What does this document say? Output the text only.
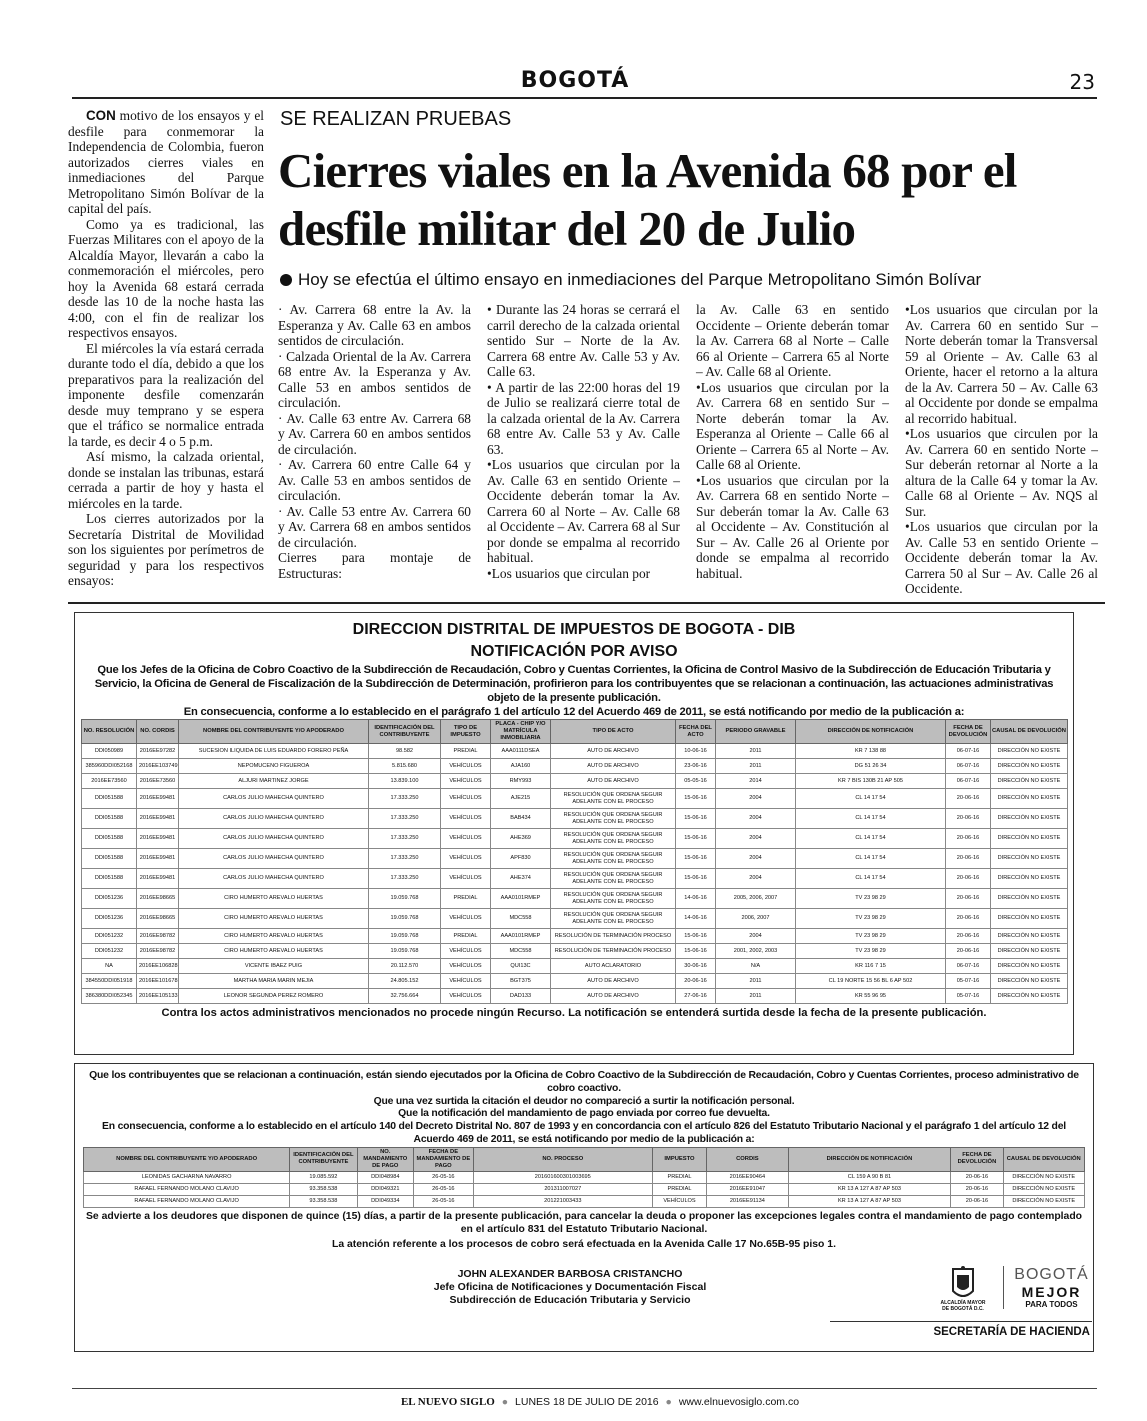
BOGOTÁ	23

CON motivo de los ensayos y el desfile para conmemorar la Independencia de Colombia, fueron autorizados cierres viales en inmediaciones del Parque Metropolitano Simón Bolívar de la capital del país.

Como ya es tradicional, las Fuerzas Militares con el apoyo de la Alcaldía Mayor, llevarán a cabo la conmemoración el miércoles, pero hoy la Avenida 68 estará cerrada desde las 10 de la noche hasta las 4:00, con el fin de realizar los respectivos ensayos.

El miércoles la vía estará cerrada durante todo el día, debido a que los preparativos para la realización del imponente desfile comenzarán desde muy temprano y se espera que el tráfico se normalice entrada la tarde, es decir 4 o 5 p.m.

Así mismo, la calzada oriental, donde se instalan las tribunas, estará cerrada a partir de hoy y hasta el miércoles en la tarde.

Los cierres autorizados por la Secretaría Distrital de Movilidad son los siguientes por perímetros de seguridad y para los respectivos ensayos:

SE REALIZAN PRUEBAS
Cierres viales en la Avenida 68 por el desfile militar del 20 de Julio
Hoy se efectúa el último ensayo en inmediaciones del Parque Metropolitano Simón Bolívar

· Av. Carrera 68 entre la Av. la Esperanza y Av. Calle 63 en ambos sentidos de circulación.

· Calzada Oriental de la Av. Carrera 68 entre Av. la Esperanza y Av. Calle 53 en ambos sentidos de circulación.

· Av. Calle 63 entre Av. Carrera 68 y Av. Carrera 60 en ambos sentidos de circulación.

· Av. Carrera 60 entre Calle 64 y Av. Calle 53 en ambos sentidos de circulación.

· Av. Calle 53 entre Av. Carrera 60 y Av. Carrera 68 en ambos sentidos de circulación.

Cierres para montaje de Estructuras:

• Durante las 24 horas se cerrará el carril derecho de la calzada oriental sentido Sur – Norte de la Av. Carrera 68 entre Av. Calle 53 y Av. Calle 63.

• A partir de las 22:00 horas del 19 de Julio se realizará cierre total de la calzada oriental de la Av. Carrera 68 entre Av. Calle 53 y Av. Calle 63.

•Los usuarios que circulan por la Av. Calle 63 en sentido Oriente – Occidente deberán tomar la Av. Carrera 60 al Norte – Av. Calle 68 al Occidente – Av. Carrera 68 al Sur por donde se empalma al recorrido habitual.

•Los usuarios que circulan por

la Av. Calle 63 en sentido Occidente – Oriente deberán tomar la Av. Carrera 68 al Norte – Calle 66 al Oriente – Carrera 65 al Norte – Av. Calle 68 al Oriente.

•Los usuarios que circulan por la Av. Carrera 68 en sentido Sur – Norte deberán tomar la Av. Esperanza al Oriente – Calle 66 al Oriente – Carrera 65 al Norte – Av. Calle 68 al Oriente.

•Los usuarios que circulan por la Av. Carrera 68 en sentido Norte – Sur deberán tomar la Av. Calle 63 al Occidente – Av. Constitución al Sur – Av. Calle 26 al Oriente por donde se empalma al recorrido habitual.

•Los usuarios que circulan por la Av. Carrera 60 en sentido Sur – Norte deberán tomar la Transversal 59 al Oriente – Av. Calle 63 al Oriente, hacer el retorno a la altura de la Av. Carrera 50 – Av. Calle 63 al Occidente por donde se empalma al recorrido habitual.

•Los usuarios que circulen por la Av. Carrera 60 en sentido Norte – Sur deberán retornar al Norte a la altura de la Calle 64 y tomar la Av. Calle 68 al Oriente – Av. NQS al Sur.

•Los usuarios que circulan por la Av. Calle 53 en sentido Oriente – Occidente deberán tomar la Av. Carrera 50 al Sur – Av. Calle 26 al Occidente.

DIRECCION DISTRITAL DE IMPUESTOS DE BOGOTA - DIB
NOTIFICACIÓN POR AVISO
Que los Jefes de la Oficina de Cobro Coactivo de la Subdirección de Recaudación, Cobro y Cuentas Corrientes, la Oficina de Control Masivo de la Subdirección de Educación Tributaria y Servicio, la Oficina de General de Fiscalización de la Subdirección de Determinación, profirieron para los contribuyentes que se relacionan a continuación, las actuaciones administrativas objeto de la presente publicación.
En consecuencia, conforme a lo establecido en el parágrafo 1 del artículo 12 del Acuerdo 469 de 2011, se está notificando por medio de la publicación a:
NO. RESOLUCIÓN	NO. CORDIS	NOMBRE DEL CONTRIBUYENTE Y/O APODERADO	IDENTIFICACIÓN DEL CONTRIBUYENTE	TIPO DE IMPUESTO	PLACA - CHIP Y/O MATRÍCULA INMOBILIARIA	TIPO DE ACTO	FECHA DEL ACTO	PERIODO GRAVABLE	DIRECCIÓN DE NOTIFICACIÓN	FECHA DE DEVOLUCIÓN	CAUSAL DE DEVOLUCIÓN
DDI050989	2016EE97282	SUCESION ILIQUIDA DE LUIS EDUARDO FORERO PEÑA	98.582	PREDIAL	AAA0111DSEA	AUTO DE ARCHIVO	10-06-16	2011	KR 7 138 88	06-07-16	DIRECCIÓN NO EXISTE
385960DDI052168	2016EE103749	NEPOMUCENO FIGUEROA	5.815.680	VEHÍCULOS	AJA160	AUTO DE ARCHIVO	23-06-16	2011	DG 51 26 34	06-07-16	DIRECCIÓN NO EXISTE
2016EE73560	2016EE73560	ALJURI MARTINEZ JORGE	13.839.100	VEHÍCULOS	RMY993	AUTO DE ARCHIVO	05-05-16	2014	KR 7 BIS 130B 21 AP 505	06-07-16	DIRECCIÓN NO EXISTE
DDI051588	2016EE99481	CARLOS JULIO MAHECHA QUINTERO	17.333.250	VEHÍCULOS	AJE215	RESOLUCIÓN QUE ORDENA SEGUIR ADELANTE CON EL PROCESO	15-06-16	2004	CL 14 17 54	20-06-16	DIRECCIÓN NO EXISTE
DDI051588	2016EE99481	CARLOS JULIO MAHECHA QUINTERO	17.333.250	VEHÍCULOS	BAB434	RESOLUCIÓN QUE ORDENA SEGUIR ADELANTE CON EL PROCESO	15-06-16	2004	CL 14 17 54	20-06-16	DIRECCIÓN NO EXISTE
DDI051588	2016EE99481	CARLOS JULIO MAHECHA QUINTERO	17.333.250	VEHÍCULOS	AHE369	RESOLUCIÓN QUE ORDENA SEGUIR ADELANTE CON EL PROCESO	15-06-16	2004	CL 14 17 54	20-06-16	DIRECCIÓN NO EXISTE
DDI051588	2016EE99481	CARLOS JULIO MAHECHA QUINTERO	17.333.250	VEHÍCULOS	APF830	RESOLUCIÓN QUE ORDENA SEGUIR ADELANTE CON EL PROCESO	15-06-16	2004	CL 14 17 54	20-06-16	DIRECCIÓN NO EXISTE
DDI051588	2016EE99481	CARLOS JULIO MAHECHA QUINTERO	17.333.250	VEHÍCULOS	AHE374	RESOLUCIÓN QUE ORDENA SEGUIR ADELANTE CON EL PROCESO	15-06-16	2004	CL 14 17 54	20-06-16	DIRECCIÓN NO EXISTE
DDI051236	2016EE98665	CIRO HUMERTO AREVALO HUERTAS	19.059.768	PREDIAL	AAA0101RMEP	RESOLUCIÓN QUE ORDENA SEGUIR ADELANTE CON EL PROCESO	14-06-16	2005, 2006, 2007	TV 23 98 29	20-06-16	DIRECCIÓN NO EXISTE
DDI051236	2016EE98665	CIRO HUMERTO AREVALO HUERTAS	19.059.768	VEHÍCULOS	MDC558	RESOLUCIÓN QUE ORDENA SEGUIR ADELANTE CON EL PROCESO	14-06-16	2006, 2007	TV 23 98 29	20-06-16	DIRECCIÓN NO EXISTE
DDI051232	2016EE98782	CIRO HUMERTO AREVALO HUERTAS	19.059.768	PREDIAL	AAA0101RMEP	RESOLUCIÓN DE TERMINACIÓN PROCESO	15-06-16	2004	TV 23 98 29	20-06-16	DIRECCIÓN NO EXISTE
DDI051232	2016EE98782	CIRO HUMERTO AREVALO HUERTAS	19.059.768	VEHÍCULOS	MDC558	RESOLUCIÓN DE TERMINACIÓN PROCESO	15-06-16	2001, 2002, 2003	TV 23 98 29	20-06-16	DIRECCIÓN NO EXISTE
NA	2016EE106828	VICENTE IBAEZ PUIG	20.112.570	VEHÍCULOS	QUI13C	AUTO ACLARATORIO	30-06-16	N/A	KR 116 7 15	06-07-16	DIRECCIÓN NO EXISTE
384550DDI051918	2016EE101678	MARTHA MARIA MARIN MEJIA	24.805.152	VEHÍCULOS	BGT375	AUTO DE ARCHIVO	20-06-16	2011	CL 19 NORTE 15 56 BL 6 AP 502	05-07-16	DIRECCIÓN NO EXISTE
386380DDI052345	2016EE105133	LEONOR SEGUNDA PEREZ ROMERO	32.756.664	VEHÍCULOS	DAD133	AUTO DE ARCHIVO	27-06-16	2011	KR 55 96 95	05-07-16	DIRECCIÓN NO EXISTE
Contra los actos administrativos mencionados no procede ningún Recurso. La notificación se entenderá surtida desde la fecha de la presente publicación.
Que los contribuyentes que se relacionan a continuación, están siendo ejecutados por la Oficina de Cobro Coactivo de la Subdirección de Recaudación, Cobro y Cuentas Corrientes, proceso administrativo de cobro coactivo.
Que una vez surtida la citación el deudor no compareció a surtir la notificación personal.
Que la notificación del mandamiento de pago enviada por correo fue devuelta.
En consecuencia, conforme a lo establecido en el artículo 140 del Decreto Distrital No. 807 de 1993 y en concordancia con el artículo 826 del Estatuto Tributario Nacional y el parágrafo 1 del artículo 12 del Acuerdo 469 de 2011, se está notificando por medio de la publicación a:
NOMBRE DEL CONTRIBUYENTE Y/O APODERADO	IDENTIFICACIÓN DEL CONTRIBUYENTE	NO. MANDAMIENTO DE PAGO	FECHA DE MANDAMIENTO DE PAGO	NO. PROCESO	IMPUESTO	CORDIS	DIRECCIÓN DE NOTIFICACIÓN	FECHA DE DEVOLUCIÓN	CAUSAL DE DEVOLUCIÓN
LEONIDAS GACHARNA NAVARRO	19.085.592	DDI048984	26-05-16	201601600301003695	PREDIAL	2016EE90464	CL 159 A 90 B 81	20-06-16	DIRECCIÓN NO EXISTE
RAFAEL FERNANDO MOLANO CLAVIJO	93.358.538	DDI049321	26-05-16	201311007027	PREDIAL	2016EE91047	KR 13 A 127 A 87 AP 503	20-06-16	DIRECCIÓN NO EXISTE
RAFAEL FERNANDO MOLANO CLAVIJO	93.358.538	DDI049334	26-05-16	201221003433	VEHÍCULOS	2016EE91134	KR 13 A 127 A 87 AP 503	20-06-16	DIRECCIÓN NO EXISTE
Se advierte a los deudores que disponen de quince (15) días, a partir de la presente publicación, para cancelar la deuda o proponer las excepciones legales contra el mandamiento de pago contemplado en el artículo 831 del Estatuto Tributario Nacional.
La atención referente a los procesos de cobro será efectuada en la Avenida Calle 17 No.65B-95 piso 1.
JOHN ALEXANDER BARBOSA CRISTANCHO
Jefe Oficina de Notificaciones y Documentación Fiscal
Subdirección de Educación Tributaria y Servicio	ALCALDÍA MAYOR
DE BOGOTÁ D.C.
BOGOTÁ
MEJOR
PARA TODOS
SECRETARÍA DE HACIENDA
EL NUEVO SIGLO ● LUNES 18 DE JULIO DE 2016 ● www.elnuevosiglo.com.co
